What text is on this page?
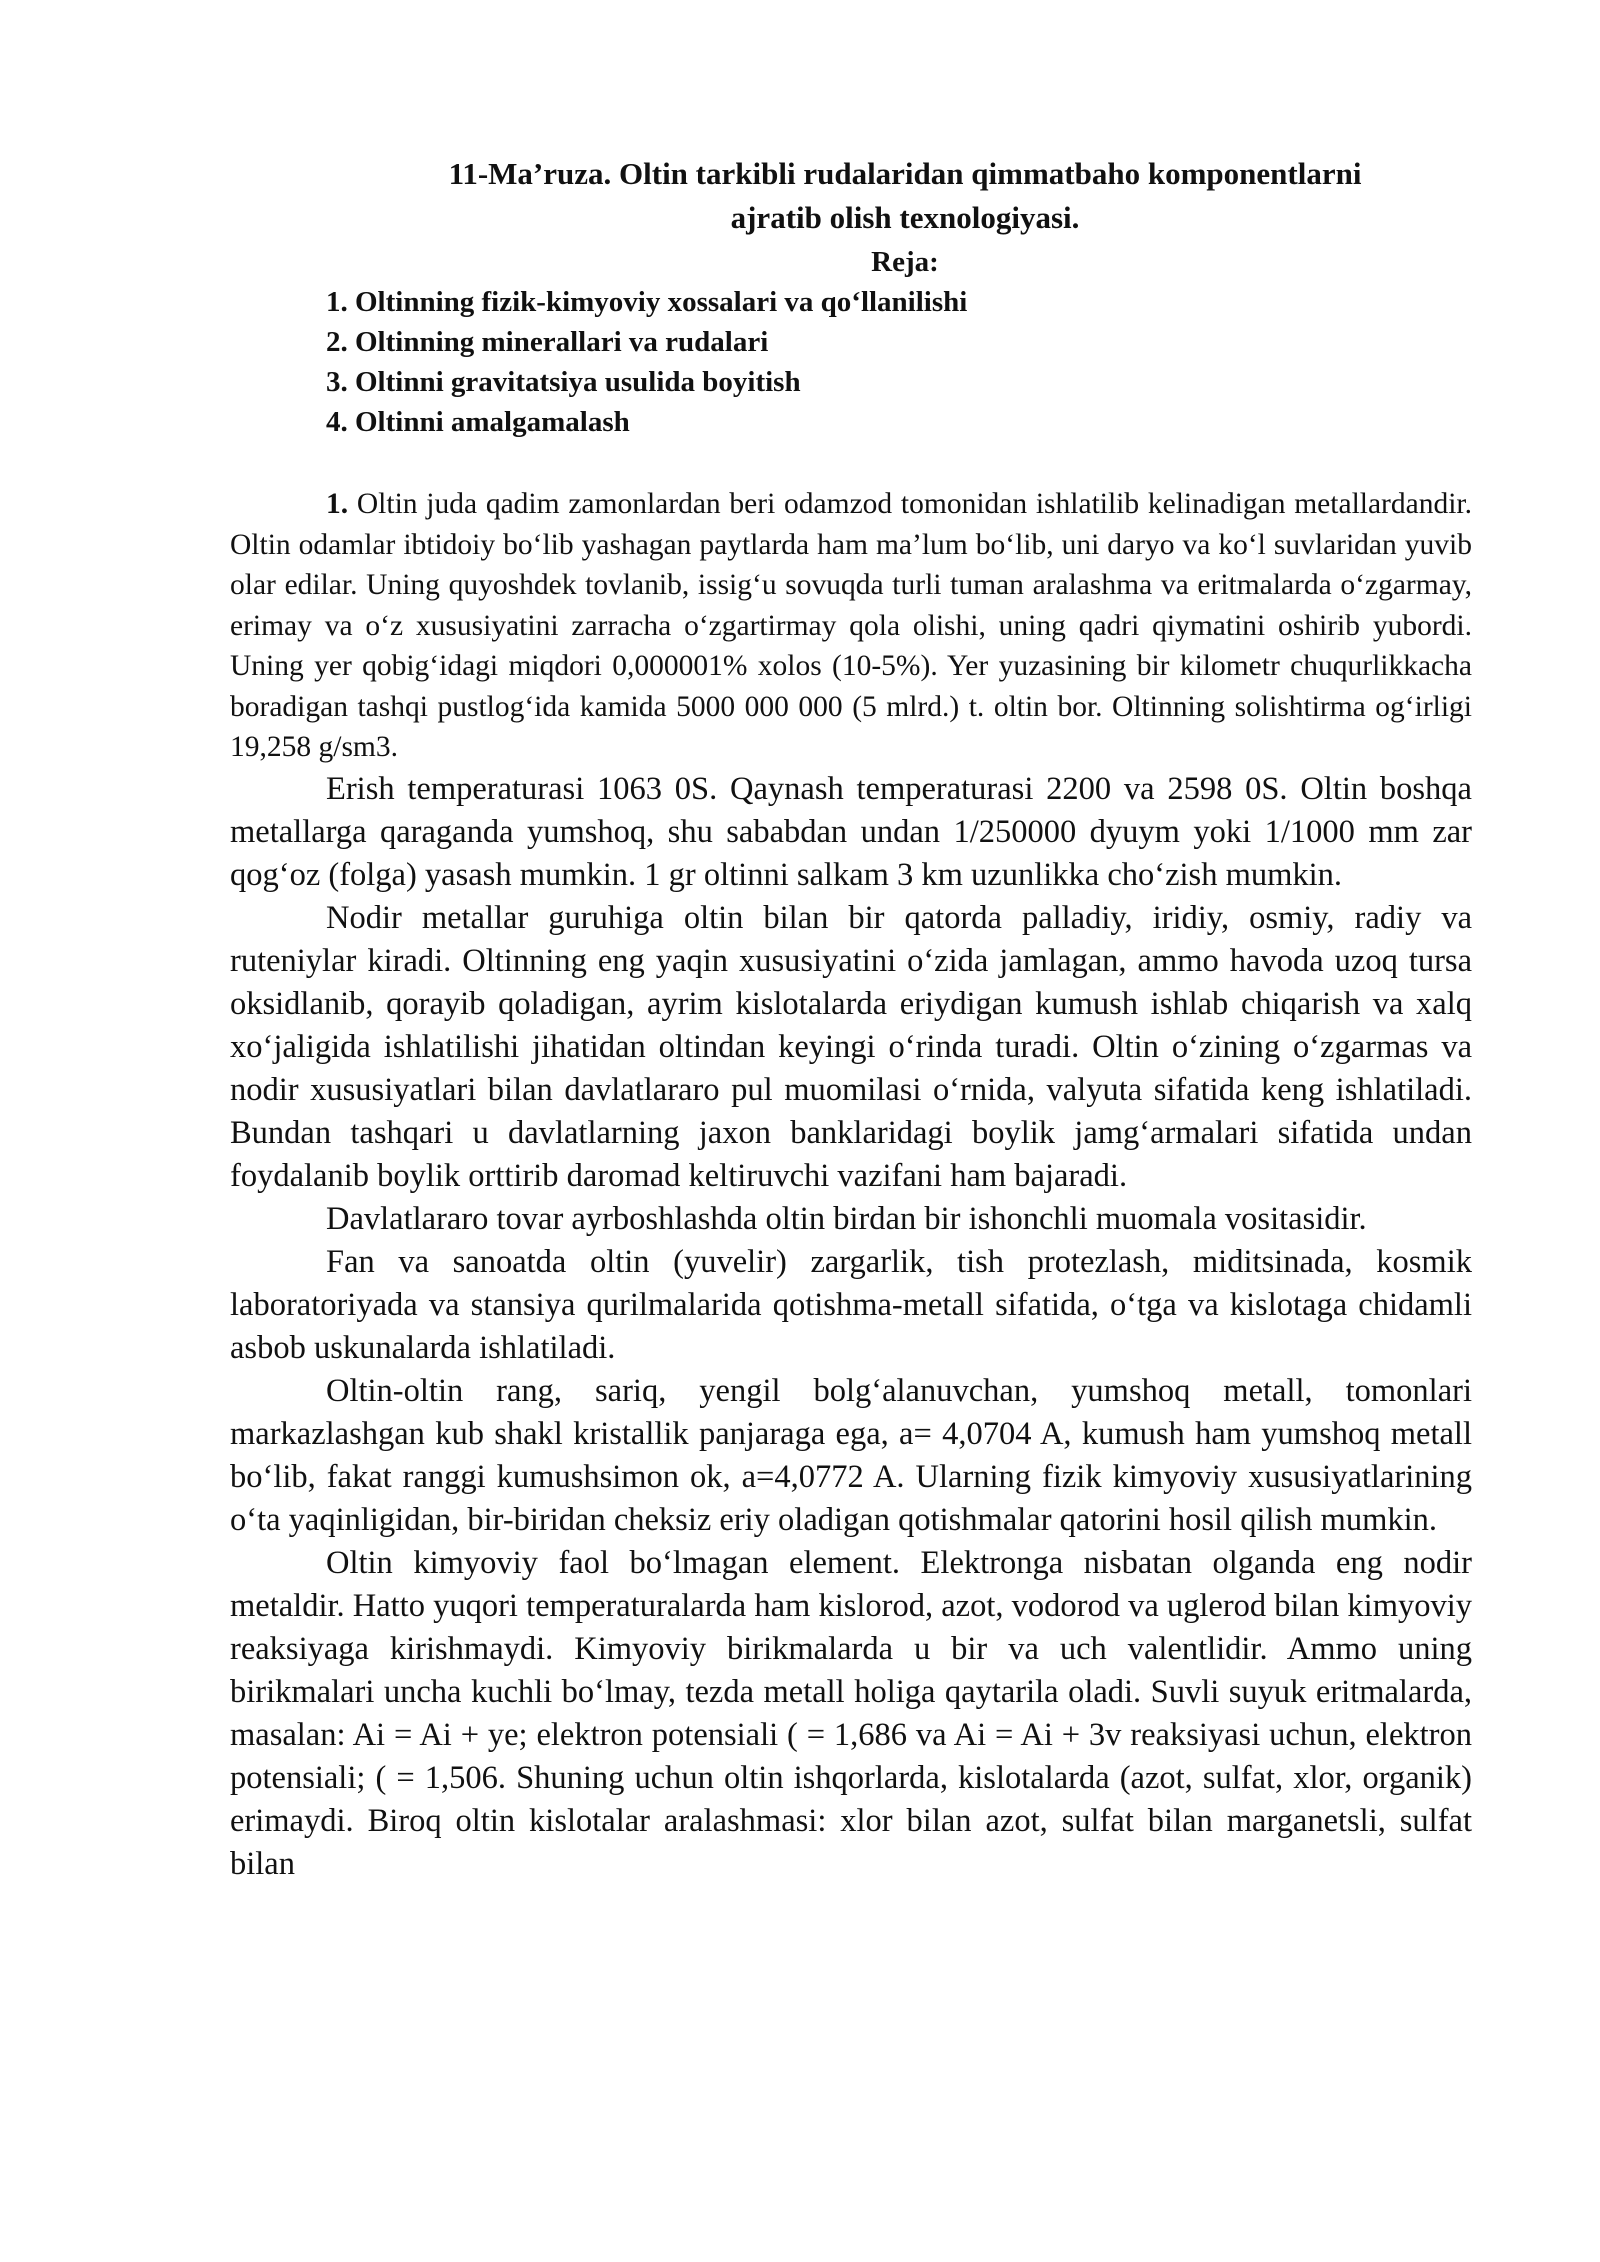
11-Ma’ruza. Oltin tarkibli rudalaridan qimmatbaho komponentlarni
ajratib olish texnologiyasi.
Reja:
1. Oltinning fizik-kimyoviy xossalari va qo‘llanilishi
2. Oltinning minerallari va rudalari
3. Oltinni gravitatsiya usulida boyitish
4. Oltinni amalgamalash

1. Oltin juda qadim zamonlardan beri odamzod tomonidan ishlatilib kelinadigan metallardandir. Oltin odamlar ibtidoiy bo‘lib yashagan paytlarda ham ma’lum bo‘lib, uni daryo va ko‘l suvlaridan yuvib olar edilar. Uning quyoshdek tovlanib, issig‘u sovuqda turli tuman aralashma va eritmalarda o‘zgarmay, erimay va o‘z xususiyatini zarracha o‘zgartirmay qola olishi, uning qadri qiymatini oshirib yubordi. Uning yer qobig‘idagi miqdori 0,000001% xolos (10-5%). Yer yuzasining bir kilometr chuqurlikkacha boradigan tashqi pustlog‘ida kamida 5000 000 000 (5 mlrd.) t. oltin bor. Oltinning solishtirma og‘irligi 19,258 g/sm3.

Erish temperaturasi 1063 0S. Qaynash temperaturasi 2200 va 2598 0S. Oltin boshqa metallarga qaraganda yumshoq, shu sababdan undan 1/250000 dyuym yoki 1/1000 mm zar qog‘oz (folga) yasash mumkin. 1 gr oltinni salkam 3 km uzunlikka cho‘zish mumkin.

Nodir metallar guruhiga oltin bilan bir qatorda palladiy, iridiy, osmiy, radiy va ruteniylar kiradi. Oltinning eng yaqin xususiyatini o‘zida jamlagan, ammo havoda uzoq tursa oksidlanib, qorayib qoladigan, ayrim kislotalarda eriydigan kumush ishlab chiqarish va xalq xo‘jaligida ishlatilishi jihatidan oltindan keyingi o‘rinda turadi. Oltin o‘zining o‘zgarmas va nodir xususiyatlari bilan davlatlararo pul muomilasi o‘rnida, valyuta sifatida keng ishlatiladi. Bundan tashqari u davlatlarning jaxon banklaridagi boylik jamg‘armalari sifatida undan foydalanib boylik orttirib daromad keltiruvchi vazifani ham bajaradi.

Davlatlararo tovar ayrboshlashda oltin birdan bir ishonchli muomala vositasidir.

Fan va sanoatda oltin (yuvelir) zargarlik, tish protezlash, miditsinada, kosmik laboratoriyada va stansiya qurilmalarida qotishma-metall sifatida, o‘tga va kislotaga chidamli asbob uskunalarda ishlatiladi.

Oltin-oltin rang, sariq, yengil bolg‘alanuvchan, yumshoq metall, tomonlari markazlashgan kub shakl kristallik panjaraga ega, a= 4,0704 A, kumush ham yumshoq metall bo‘lib, fakat ranggi kumushsimon ok, a=4,0772 A. Ularning fizik kimyoviy xususiyatlarining o‘ta yaqinligidan, bir-biridan cheksiz eriy oladigan qotishmalar qatorini hosil qilish mumkin.

Oltin kimyoviy faol bo‘lmagan element. Elektronga nisbatan olganda eng nodir metaldir. Hatto yuqori temperaturalarda ham kislorod, azot, vodorod va uglerod bilan kimyoviy reaksiyaga kirishmaydi. Kimyoviy birikmalarda u bir va uch valentlidir. Ammo uning birikmalari uncha kuchli bo‘lmay, tezda metall holiga qaytarila oladi. Suvli suyuk eritmalarda, masalan: Ai = Ai + ye; elektron potensiali ( = 1,686 va Ai = Ai + 3v reaksiyasi uchun, elektron potensiali; ( = 1,506. Shuning uchun oltin ishqorlarda, kislotalarda (azot, sulfat, xlor, organik) erimaydi. Biroq oltin kislotalar aralashmasi: xlor bilan azot, sulfat bilan marganetsli, sulfat bilan
